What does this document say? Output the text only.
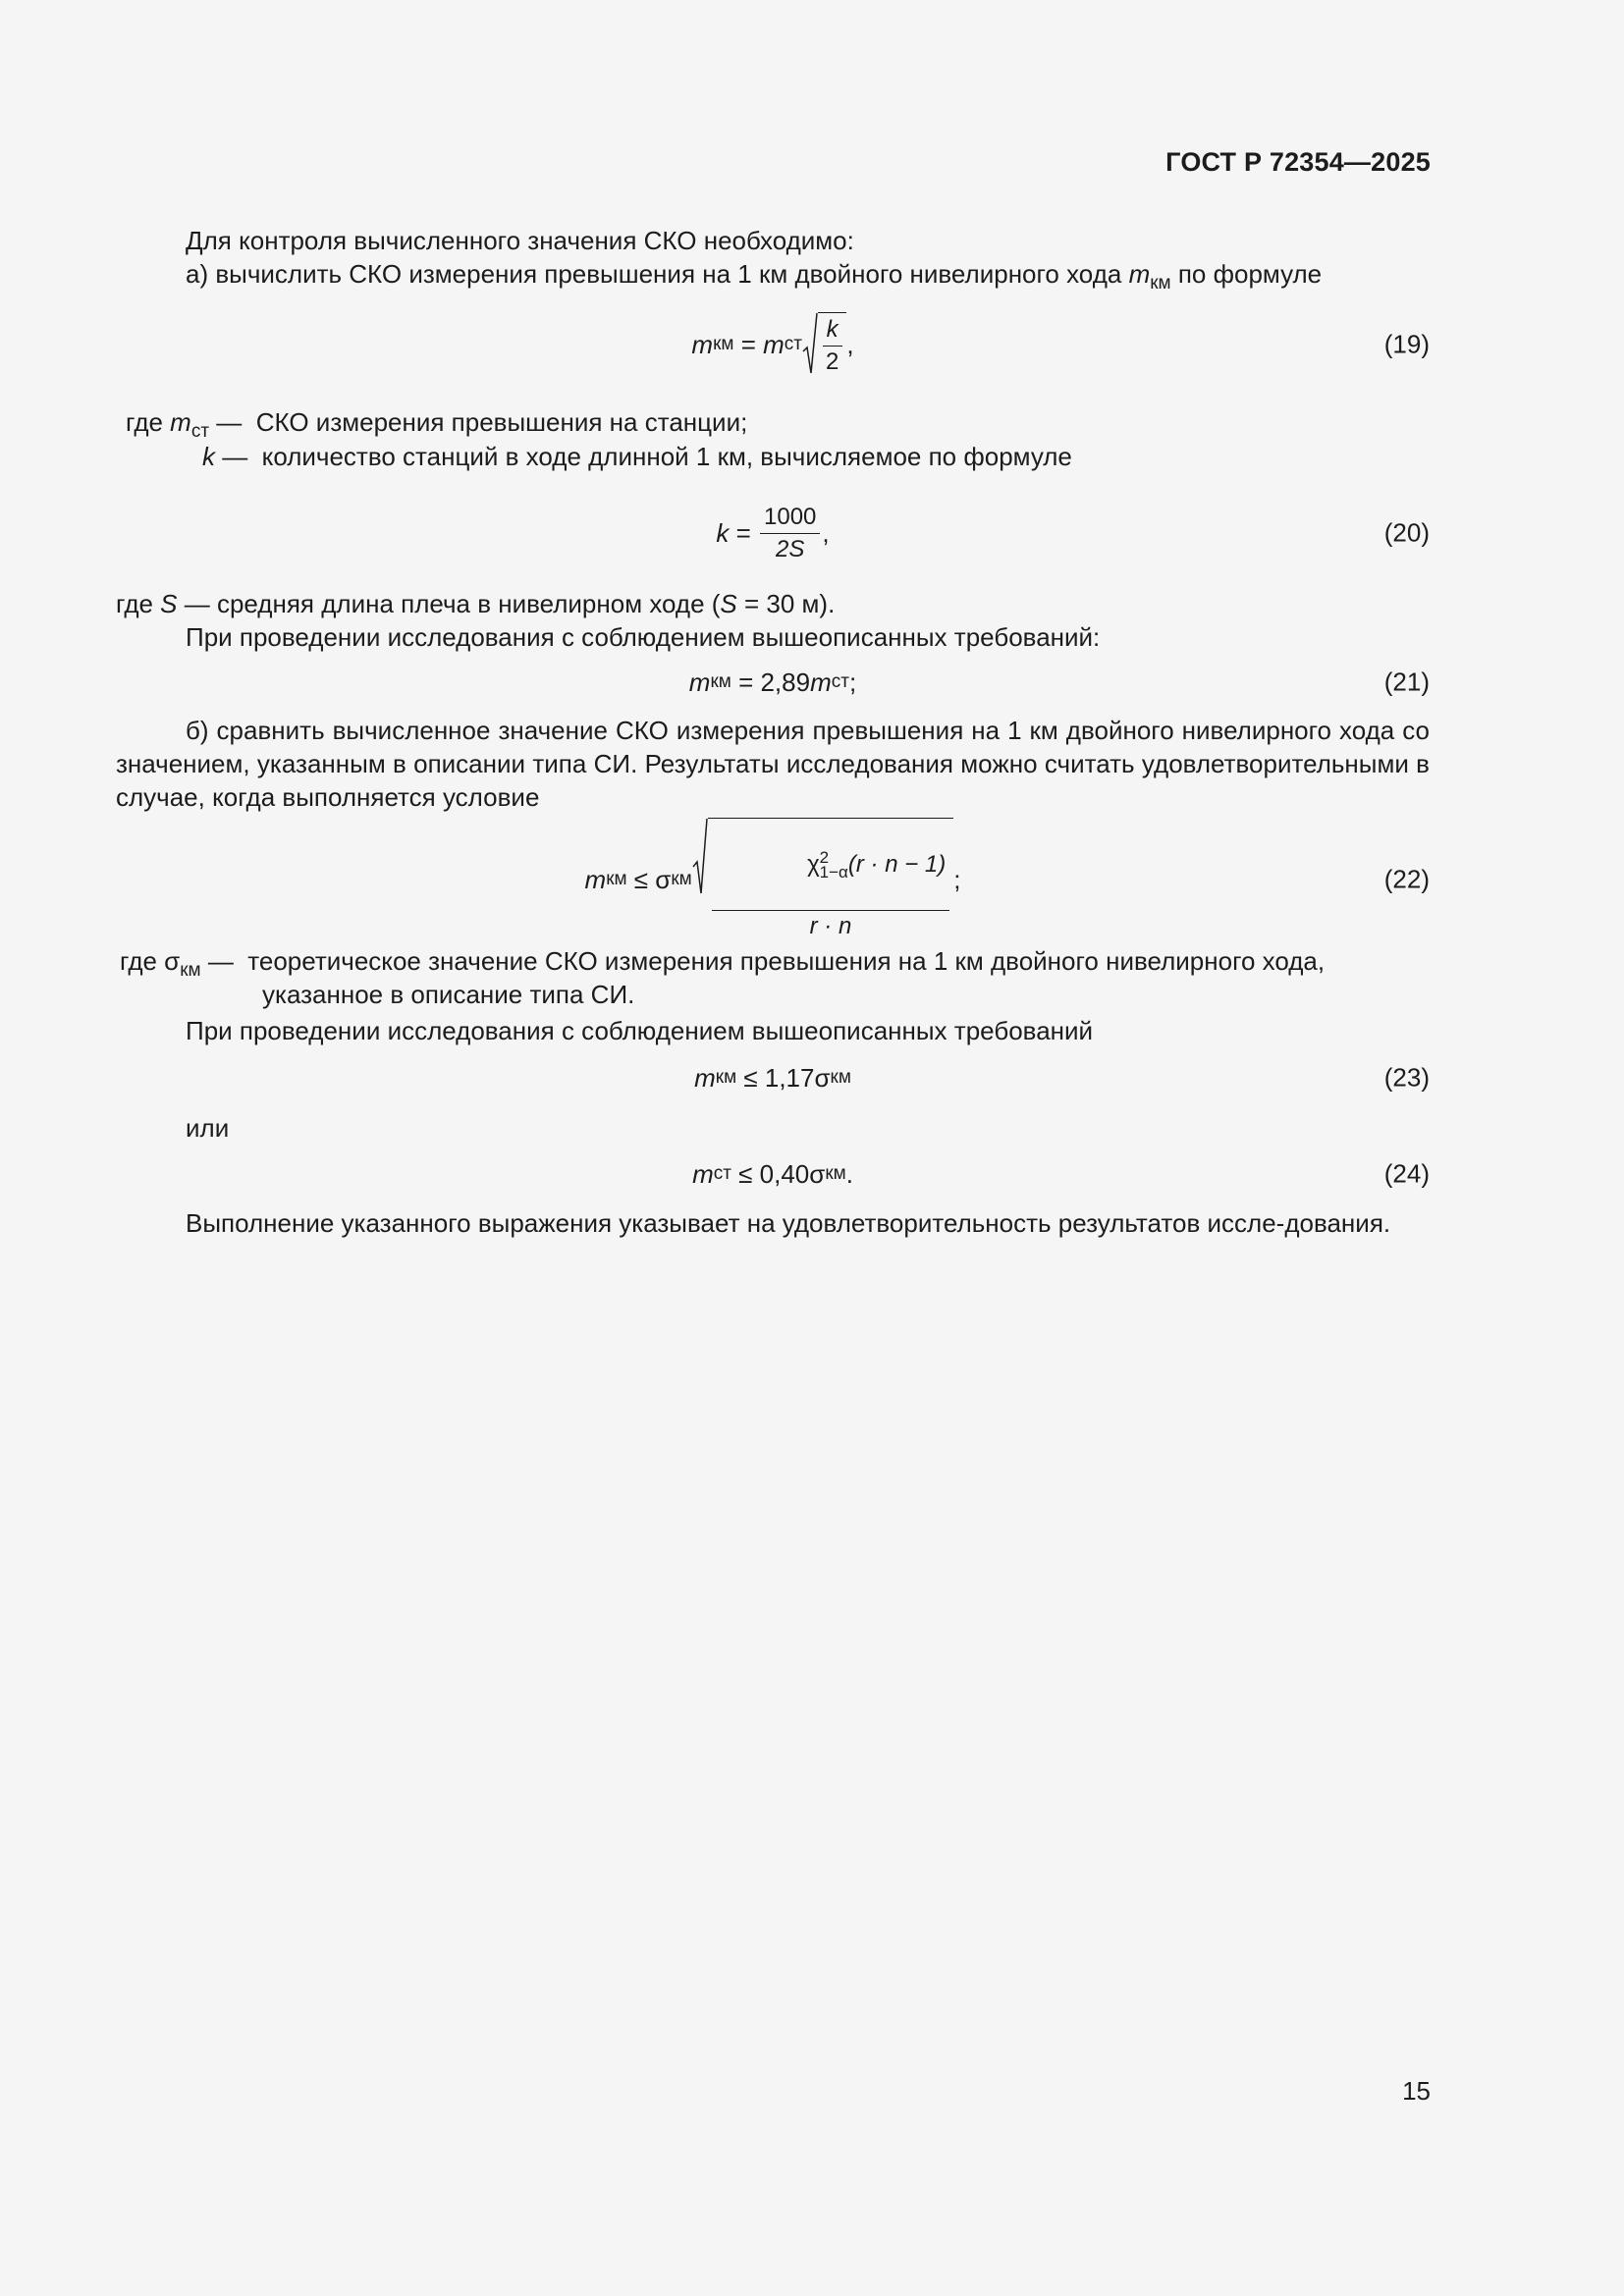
ГОСТ Р 72354—2025
Для контроля вычисленного значения СКО необходимо:
а) вычислить СКО измерения превышения на 1 км двойного нивелирного хода $m_{км}$ по формуле
m км = m ст $\frac{k}{2}$ ,	(19)
где $m_{ст}$ —  СКО измерения превышения на станции;
k —  количество станций в ходе длинной 1 км, вычисляемое по формуле
$k = \frac{1000}{2S}$ ,	(20)
где S — средняя длина плеча в нивелирном ходе (S = 30 м).
При проведении исследования с соблюдением вышеописанных требований:
m км = 2,89 m ст ;	(21)
б) сравнить вычисленное значение СКО измерения превышения на 1 км двойного нивелирного хода со значением, указанным в описании типа СИ. Результаты исследования можно считать удовлетворительными в случае, когда выполняется условие
m км ≤ σ км χ 2
1−α (r · n − 1)

r · n ;	(22)
где $\sigma_{км}$ —  теоретическое значение СКО измерения превышения на 1 км двойного нивелирного хода,
указанное в описание типа СИ.
При проведении исследования с соблюдением вышеописанных требований
m км ≤ 1,17σ км	(23)
или
m ст ≤ 0,40σ км .	(24)
Выполнение указанного выражения указывает на удовлетворительность результатов иссле-дования.
15
